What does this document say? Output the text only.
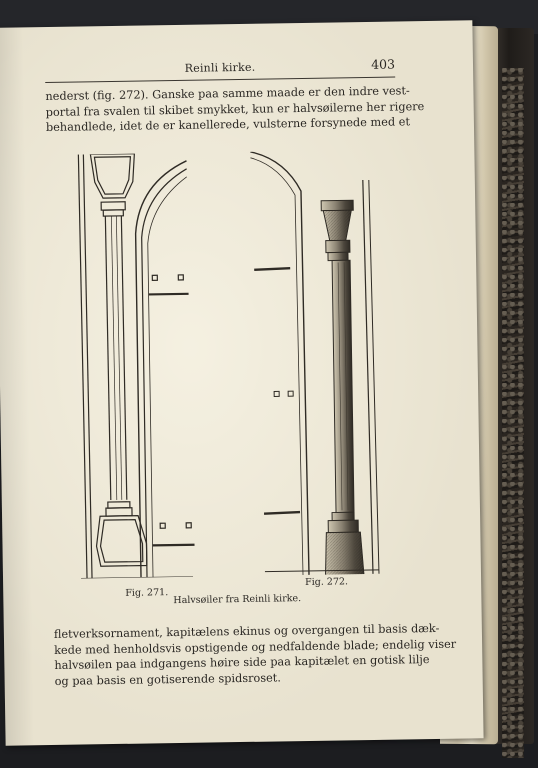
Reinli kirke.	403
nederst (fig. 272). Ganske paa samme maade er den indre vest-
portal fra svalen til skibet smykket, kun er halvsøilerne her rigere
behandlede, idet de er kanellerede, vulsterne forsynede med et
Fig. 271.
Fig. 272.
Halvsøiler fra Reinli kirke.
fletverksornament, kapitælens ekinus og overgangen til basis dæk-
kede med henholdsvis opstigende og nedfaldende blade; endelig viser
halvsøilen paa indgangens høire side paa kapitælet en gotisk lilje
og paa basis en gotiserende spidsroset.
